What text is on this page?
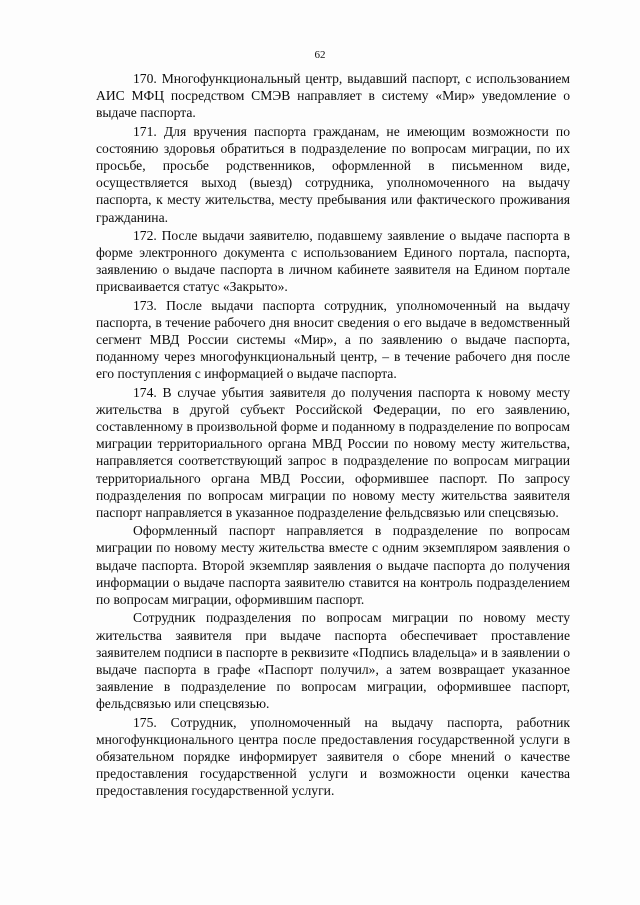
62

170. Многофункциональный центр, выдавший паспорт, с использованием АИС МФЦ посредством СМЭВ направляет в систему «Мир» уведомление о выдаче паспорта.

171. Для вручения паспорта гражданам, не имеющим возможности по состоянию здоровья обратиться в подразделение по вопросам миграции, по их просьбе, просьбе родственников, оформленной в письменном виде, осуществляется выход (выезд) сотрудника, уполномоченного на выдачу паспорта, к месту жительства, месту пребывания или фактического проживания гражданина.

172. После выдачи заявителю, подавшему заявление о выдаче паспорта в форме электронного документа с использованием Единого портала, паспорта, заявлению о выдаче паспорта в личном кабинете заявителя на Едином портале присваивается статус «Закрыто».

173. После выдачи паспорта сотрудник, уполномоченный на выдачу паспорта, в течение рабочего дня вносит сведения о его выдаче в ведомственный сегмент МВД России системы «Мир», а по заявлению о выдаче паспорта, поданному через многофункциональный центр, – в течение рабочего дня после его поступления с информацией о выдаче паспорта.

174. В случае убытия заявителя до получения паспорта к новому месту жительства в другой субъект Российской Федерации, по его заявлению, составленному в произвольной форме и поданному в подразделение по вопросам миграции территориального органа МВД России по новому месту жительства, направляется соответствующий запрос в подразделение по вопросам миграции территориального органа МВД России, оформившее паспорт. По запросу подразделения по вопросам миграции по новому месту жительства заявителя паспорт направляется в указанное подразделение фельдсвязью или спецсвязью.

Оформленный паспорт направляется в подразделение по вопросам миграции по новому месту жительства вместе с одним экземпляром заявления о выдаче паспорта. Второй экземпляр заявления о выдаче паспорта до получения информации о выдаче паспорта заявителю ставится на контроль подразделением по вопросам миграции, оформившим паспорт.

Сотрудник подразделения по вопросам миграции по новому месту жительства заявителя при выдаче паспорта обеспечивает проставление заявителем подписи в паспорте в реквизите «Подпись владельца» и в заявлении о выдаче паспорта в графе «Паспорт получил», а затем возвращает указанное заявление в подразделение по вопросам миграции, оформившее паспорт, фельдсвязью или спецсвязью.

175. Сотрудник, уполномоченный на выдачу паспорта, работник многофункционального центра после предоставления государственной услуги в обязательном порядке информирует заявителя о сборе мнений о качестве предоставления государственной услуги и возможности оценки качества предоставления государственной услуги.
